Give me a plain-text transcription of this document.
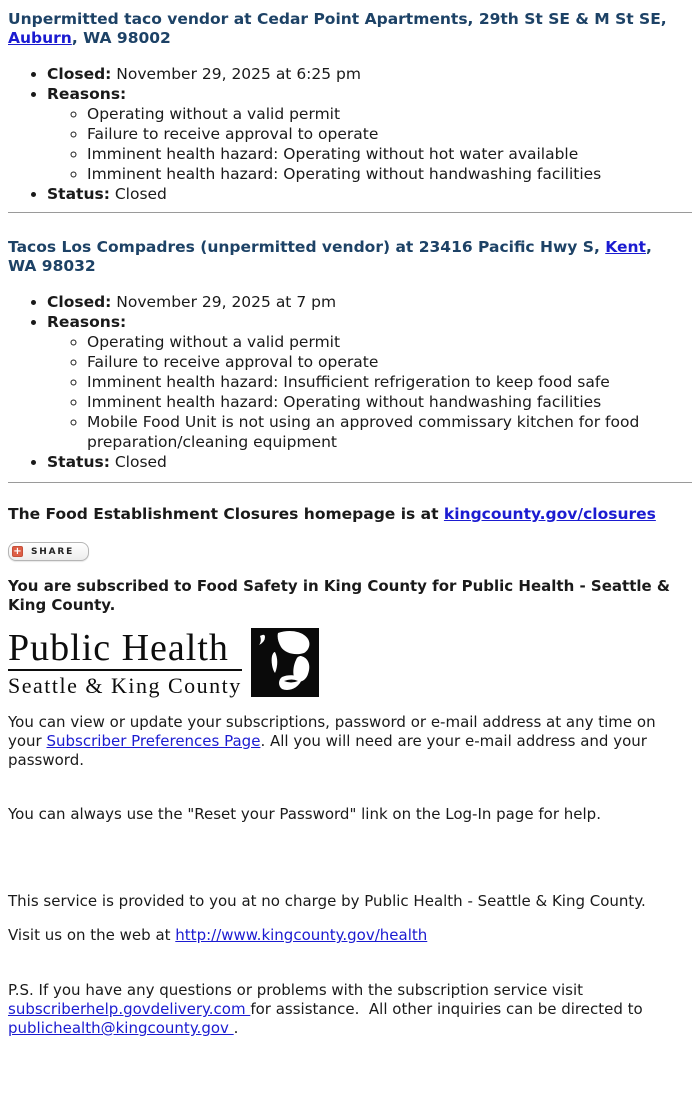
Unpermitted taco vendor at Cedar Point Apartments, 29th St SE & M St SE,
Auburn, WA 98002
• Closed: November 29, 2025 at 6:25 pm
• Reasons:
◦ Operating without a valid permit
◦ Failure to receive approval to operate
◦ Imminent health hazard: Operating without hot water available
◦ Imminent health hazard: Operating without handwashing facilities
• Status: Closed
Tacos Los Compadres (unpermitted vendor) at 23416 Pacific Hwy S, Kent,
WA 98032
• Closed: November 29, 2025 at 7 pm
• Reasons:
◦ Operating without a valid permit
◦ Failure to receive approval to operate
◦ Imminent health hazard: Insufficient refrigeration to keep food safe
◦ Imminent health hazard: Operating without handwashing facilities
◦ Mobile Food Unit is not using an approved commissary kitchen for food preparation/cleaning equipment
• Status: Closed

The Food Establishment Closures homepage is at kingcounty.gov/closures

+ SHARE

You are subscribed to Food Safety in King County for Public Health - Seattle & King County.

Public Health
Seattle & King County

You can view or update your subscriptions, password or e-mail address at any time on your Subscriber Preferences Page. All you will need are your e-mail address and your password.

You can always use the "Reset your Password" link on the Log-In page for help.

This service is provided to you at no charge by Public Health - Seattle & King County.

Visit us on the web at http://www.kingcounty.gov/health

P.S. If you have any questions or problems with the subscription service visit subscriberhelp.govdelivery.com for assistance.  All other inquiries can be directed to publichealth@kingcounty.gov .
